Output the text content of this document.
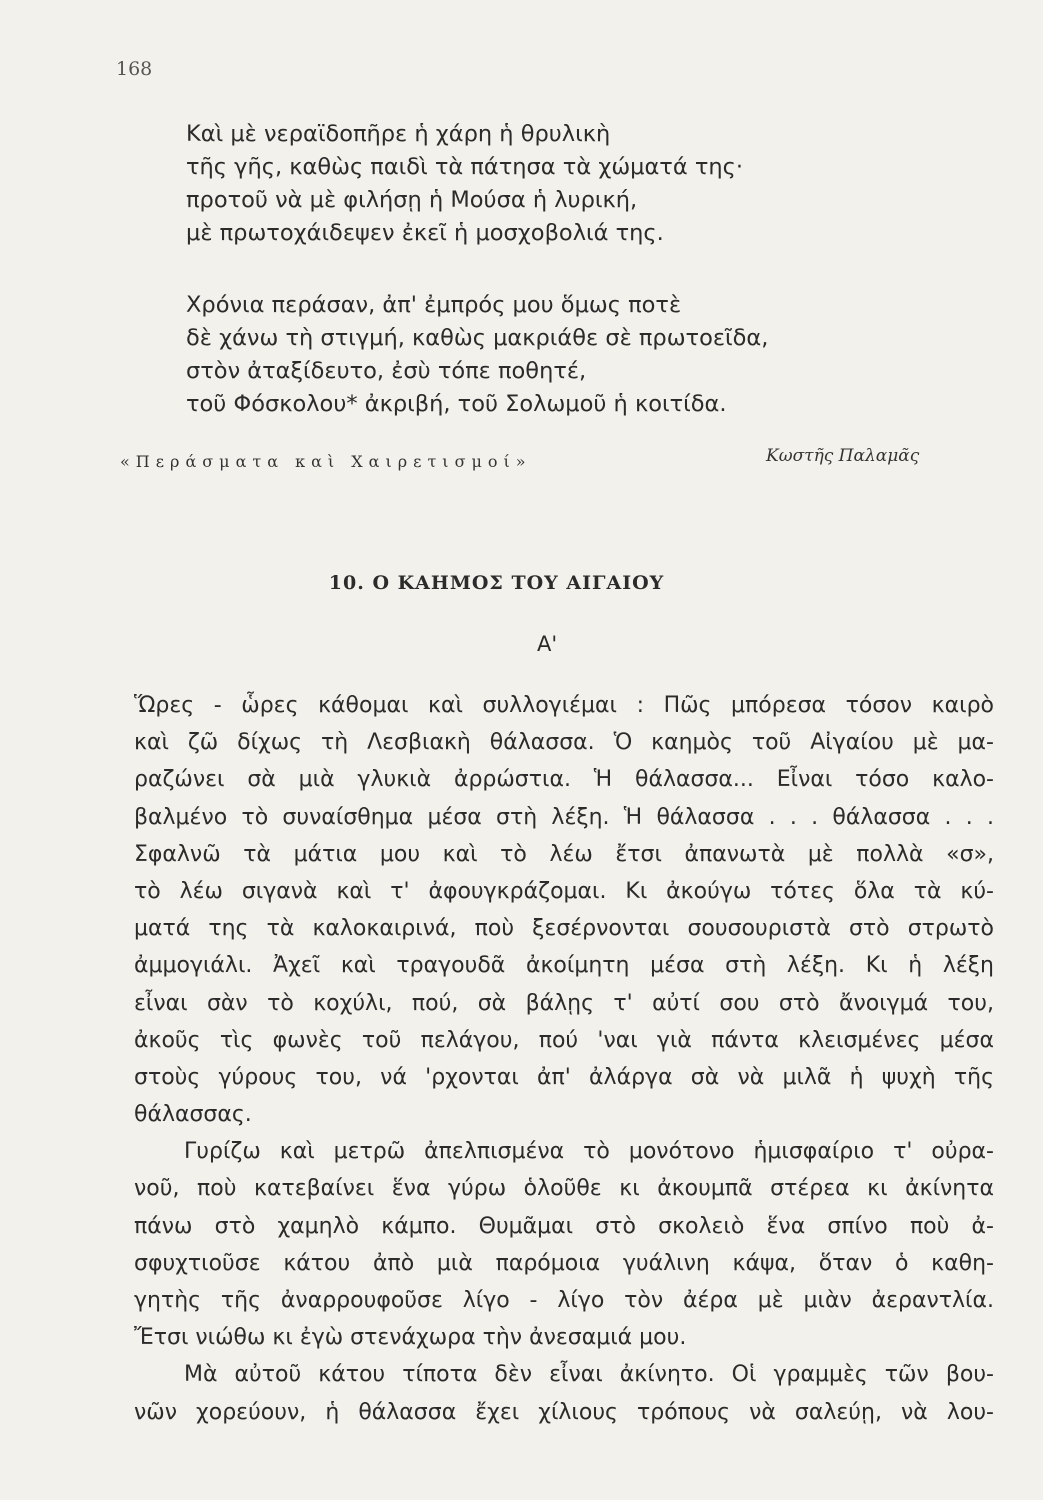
168
Καὶ μὲ νεραϊδοπῆρε ἡ χάρη ἡ θρυλικὴ
τῆς γῆς, καθὼς παιδὶ τὰ πάτησα τὰ χώματά της·
προτοῦ νὰ μὲ φιλήσῃ ἡ Μούσα ἡ λυρική,
μὲ πρωτοχάιδεψεν ἐκεῖ ἡ μοσχοβολιά της.
Χρόνια περάσαν, ἀπ' ἐμπρός μου ὅμως ποτὲ
δὲ χάνω τὴ στιγμή, καθὼς μακριάθε σὲ πρωτοεῖδα,
στὸν ἀταξίδευτο, ἐσὺ τόπε ποθητέ,
τοῦ Φόσκολου* ἀκριβή, τοῦ Σολωμοῦ ἡ κοιτίδα.
«Περάσματα καὶ Χαιρετισμοί»	Κωστῆς Παλαμᾶς
10. Ο ΚΑΗΜΟΣ ΤΟΥ ΑΙΓΑΙΟΥ
Α'
Ὥρες - ὧρες κάθομαι καὶ συλλογιέμαι : Πῶς μπόρεσα τόσον καιρὸ
καὶ ζῶ δίχως τὴ Λεσβιακὴ θάλασσα. Ὁ καημὸς τοῦ Αἰγαίου μὲ μα-
ραζώνει σὰ μιὰ γλυκιὰ ἀρρώστια. Ἡ θάλασσα... Εἶναι τόσο καλο-
βαλμένο τὸ συναίσθημα μέσα στὴ λέξη. Ἡ θάλασσα . . . θάλασσα . . .
Σφαλνῶ τὰ μάτια μου καὶ τὸ λέω ἔτσι ἀπανωτὰ μὲ πολλὰ «σ»,
τὸ λέω σιγανὰ καὶ τ' ἀφουγκράζομαι. Κι ἀκούγω τότες ὅλα τὰ κύ-
ματά της τὰ καλοκαιρινά, ποὺ ξεσέρνονται σουσουριστὰ στὸ στρωτὸ
ἀμμογιάλι. Ἀχεῖ καὶ τραγουδᾶ ἀκοίμητη μέσα στὴ λέξη. Κι ἡ λέξη
εἶναι σὰν τὸ κοχύλι, πού, σὰ βάλῃς τ' αὐτί σου στὸ ἄνοιγμά του,
ἀκοῦς τὶς φωνὲς τοῦ πελάγου, πού 'ναι γιὰ πάντα κλεισμένες μέσα
στοὺς γύρους του, νά 'ρχονται ἀπ' ἀλάργα σὰ νὰ μιλᾶ ἡ ψυχὴ τῆς
θάλασσας.
Γυρίζω καὶ μετρῶ ἀπελπισμένα τὸ μονότονο ἡμισφαίριο τ' οὐρα-
νοῦ, ποὺ κατεβαίνει ἕνα γύρω ὁλοῦθε κι ἀκουμπᾶ στέρεα κι ἀκίνητα
πάνω στὸ χαμηλὸ κάμπο. Θυμᾶμαι στὸ σκολειὸ ἕνα σπίνο ποὺ ἀ-
σφυχτιοῦσε κάτου ἀπὸ μιὰ παρόμοια γυάλινη κάψα, ὅταν ὁ καθη-
γητὴς τῆς ἀναρρουφοῦσε λίγο - λίγο τὸν ἀέρα μὲ μιὰν ἀεραντλία.
Ἔτσι νιώθω κι ἐγὼ στενάχωρα τὴν ἀνεσαμιά μου.
Μὰ αὐτοῦ κάτου τίποτα δὲν εἶναι ἀκίνητο. Οἱ γραμμὲς τῶν βου-
νῶν χορεύουν, ἡ θάλασσα ἔχει χίλιους τρόπους νὰ σαλεύῃ, νὰ λου-
